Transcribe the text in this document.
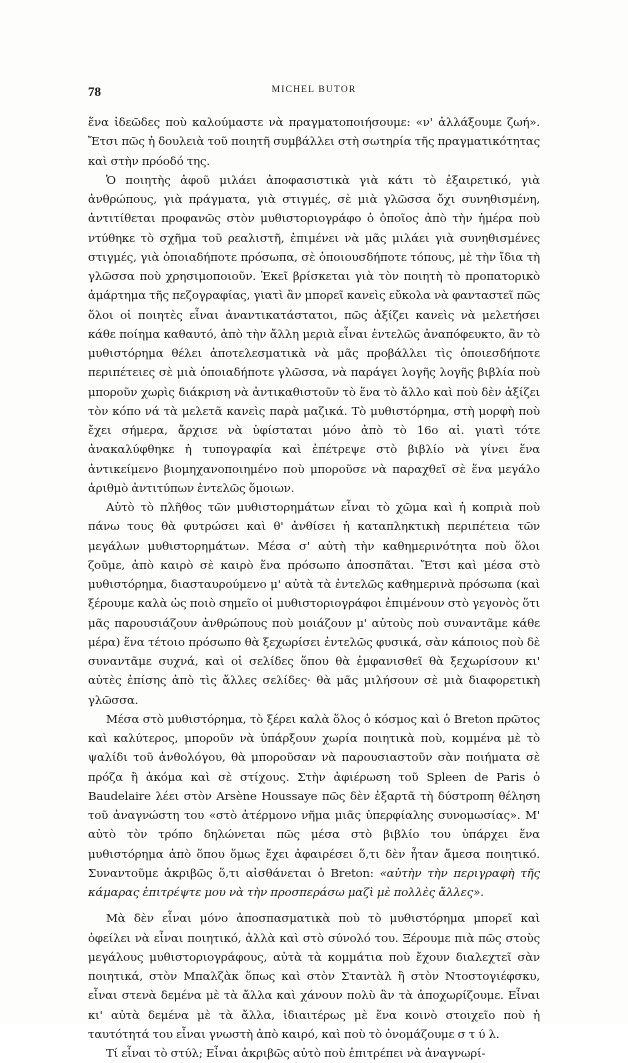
78	MICHEL BUTOR

ἕνα ἰδεῶδες ποὺ καλούμαστε νὰ πραγματοποιήσουμε: «ν' ἀλλάξουμε ζωή». Ἔτσι πῶς ἡ δουλειὰ τοῦ ποιητῆ συμβάλλει στὴ σωτηρία τῆς πραγματικότητας καὶ στὴν πρόοδό της.

Ὁ ποιητὴς ἀφοῦ μιλάει ἀποφασιστικὰ γιὰ κάτι τὸ ἐξαιρετικό, γιὰ ἀνθρώπους, γιὰ πράγματα, γιὰ στιγμές, σὲ μιὰ γλῶσσα ὄχι συνηθισμένη, ἀντιτίθεται προφανῶς στὸν μυθιστοριογράφο ὁ ὁποῖος ἀπὸ τὴν ἡμέρα ποὺ ντύθηκε τὸ σχῆμα τοῦ ρεαλιστῆ, ἐπιμένει νὰ μᾶς μιλάει γιὰ συνηθισμένες στιγμές, γιὰ ὁποιαδήποτε πρόσωπα, σὲ ὁποιουσδήποτε τόπους, μὲ τὴν ἴδια τὴ γλῶσσα ποὺ χρησιμοποιοῦν. Ἐκεῖ βρίσκεται γιὰ τὸν ποιητὴ τὸ προπατορικὸ ἁμάρτημα τῆς πεζογραφίας, γιατὶ ἂν μπορεῖ κανεὶς εὔκολα νὰ φανταστεῖ πῶς ὅλοι οἱ ποιητὲς εἶναι ἀναντικατάστατοι, πῶς ἀξίζει κανεὶς νὰ μελετήσει κάθε ποίημα καθαυτό, ἀπὸ τὴν ἄλλη μεριὰ εἶναι ἐντελῶς ἀναπόφευκτο, ἂν τὸ μυθιστόρημα θέλει ἀποτελεσματικὰ νὰ μᾶς προβάλλει τὶς ὁποιεσδήποτε περιπέτειες σὲ μιὰ ὁποιαδήποτε γλῶσσα, νὰ παράγει λογῆς λογῆς βιβλία ποὺ μποροῦν χωρὶς διάκριση νὰ ἀντικαθιστοῦν τὸ ἕνα τὸ ἄλλο καὶ ποὺ δὲν ἀξίζει τὸν κόπο νά τὰ μελετᾶ κανεὶς παρὰ μαζικά. Τὸ μυθιστόρημα, στὴ μορφὴ ποὺ ἔχει σήμερα, ἄρχισε νὰ ὑφίσταται μόνο ἀπὸ τὸ 16ο αἰ. γιατὶ τότε ἀνακαλύφθηκε ἡ τυπογραφία καὶ ἐπέτρεψε στὸ βιβλίο νὰ γίνει ἕνα ἀντικείμενο βιομηχανοποιημένο ποὺ μποροῦσε νὰ παραχθεῖ σὲ ἕνα μεγάλο ἀριθμὸ ἀντιτύπων ἐντελῶς ὅμοιων.

Αὐτὸ τὸ πλῆθος τῶν μυθιστορημάτων εἶναι τὸ χῶμα καὶ ἡ κοπριὰ ποὺ πάνω τους θὰ φυτρώσει καὶ θ' ἀνθίσει ἡ καταπληκτικὴ περιπέτεια τῶν μεγάλων μυθιστορημάτων. Μέσα σ' αὐτὴ τὴν καθημερινότητα ποὺ ὅλοι ζοῦμε, ἀπὸ καιρὸ σὲ καιρὸ ἕνα πρόσωπο ἀποσπᾶται. Ἔτσι καὶ μέσα στὸ μυθιστόρημα, διασταυρούμενο μ' αὐτὰ τὰ ἐντελῶς καθημερινὰ πρόσωπα (καὶ ξέρουμε καλὰ ὡς ποιὸ σημεῖο οἱ μυθιστοριογράφοι ἐπιμένουν στὸ γεγονὸς ὅτι μᾶς παρουσιάζουν ἀνθρώπους ποὺ μοιάζουν μ' αὐτοὺς ποὺ συναντᾶμε κάθε μέρα) ἕνα τέτοιο πρόσωπο θὰ ξεχωρίσει ἐντελῶς φυσικά, σὰν κάποιος ποὺ δὲ συναντᾶμε συχνά, καὶ οἱ σελίδες ὅπου θὰ ἐμφανισθεῖ θὰ ξεχωρίσουν κι' αὐτὲς ἐπίσης ἀπὸ τὶς ἄλλες σελίδες· θὰ μᾶς μιλήσουν σὲ μιὰ διαφορετικὴ γλῶσσα.

Μέσα στὸ μυθιστόρημα, τὸ ξέρει καλὰ ὅλος ὁ κόσμος καὶ ὁ Breton πρῶτος καὶ καλύτερος, μποροῦν νὰ ὑπάρξουν χωρία ποιητικὰ ποὺ, κομμένα μὲ τὸ ψαλίδι τοῦ ἀνθολόγου, θὰ μποροῦσαν νὰ παρουσιαστοῦν σὰν ποιήματα σὲ πρόζα ἢ ἀκόμα καὶ σὲ στίχους. Στὴν ἀφιέρωση τοῦ Spleen de Paris ὁ Baudelaire λέει στὸν Arsène Houssaye πῶς δὲν ἐξαρτᾶ τὴ δύστροπη θέληση τοῦ ἀναγνώστη του «στὸ ἀτέρμονο νῆμα μιᾶς ὑπερφίαλης συνομωσίας». Μ' αὐτὸ τὸν τρόπο δηλώνεται πῶς μέσα στὸ βιβλίο του ὑπάρχει ἕνα μυθιστόρημα ἀπὸ ὅπου ὅμως ἔχει ἀφαιρέσει ὅ,τι δὲν ἦταν ἄμεσα ποιητικό. Συναντοῦμε ἀκριβῶς ὅ,τι αἰσθάνεται ὁ Breton: «αὐτὴν τὴν περιγραφὴ τῆς κάμαρας ἐπιτρέψτε μου νὰ τὴν προσπεράσω μαζὶ μὲ πολλὲς ἄλλες».

Μὰ δὲν εἶναι μόνο ἀποσπασματικὰ ποὺ τὸ μυθιστόρημα μπορεῖ καὶ ὀφείλει νὰ εἶναι ποιητικό, ἀλλὰ καὶ στὸ σύνολό του. Ξέρουμε πιὰ πῶς στοὺς μεγάλους μυθιστοριογράφους, αὐτὰ τὰ κομμάτια ποὺ ἔχουν διαλεχτεῖ σὰν ποιητικά, στὸν Μπαλζὰκ ὅπως καὶ στὸν Σταντὰλ ἢ στὸν Ντοστογιέφσκυ, εἶναι στενὰ δεμένα μὲ τὰ ἄλλα καὶ χάνουν πολὺ ἂν τὰ ἀποχωρίζουμε. Εἶναι κι' αὐτὰ δεμένα μὲ τὰ ἄλλα, ἰδιαιτέρως μὲ ἕνα κοινὸ στοιχεῖο ποὺ ἡ ταυτότητά του εἶναι γνωστὴ ἀπὸ καιρό, καὶ ποὺ τὸ ὀνομάζουμε σ τ ύ λ.

Τί εἶναι τὸ στύλ; Εἶναι ἀκριβῶς αὐτὸ ποὺ ἐπιτρέπει νὰ ἀναγνωρί-
